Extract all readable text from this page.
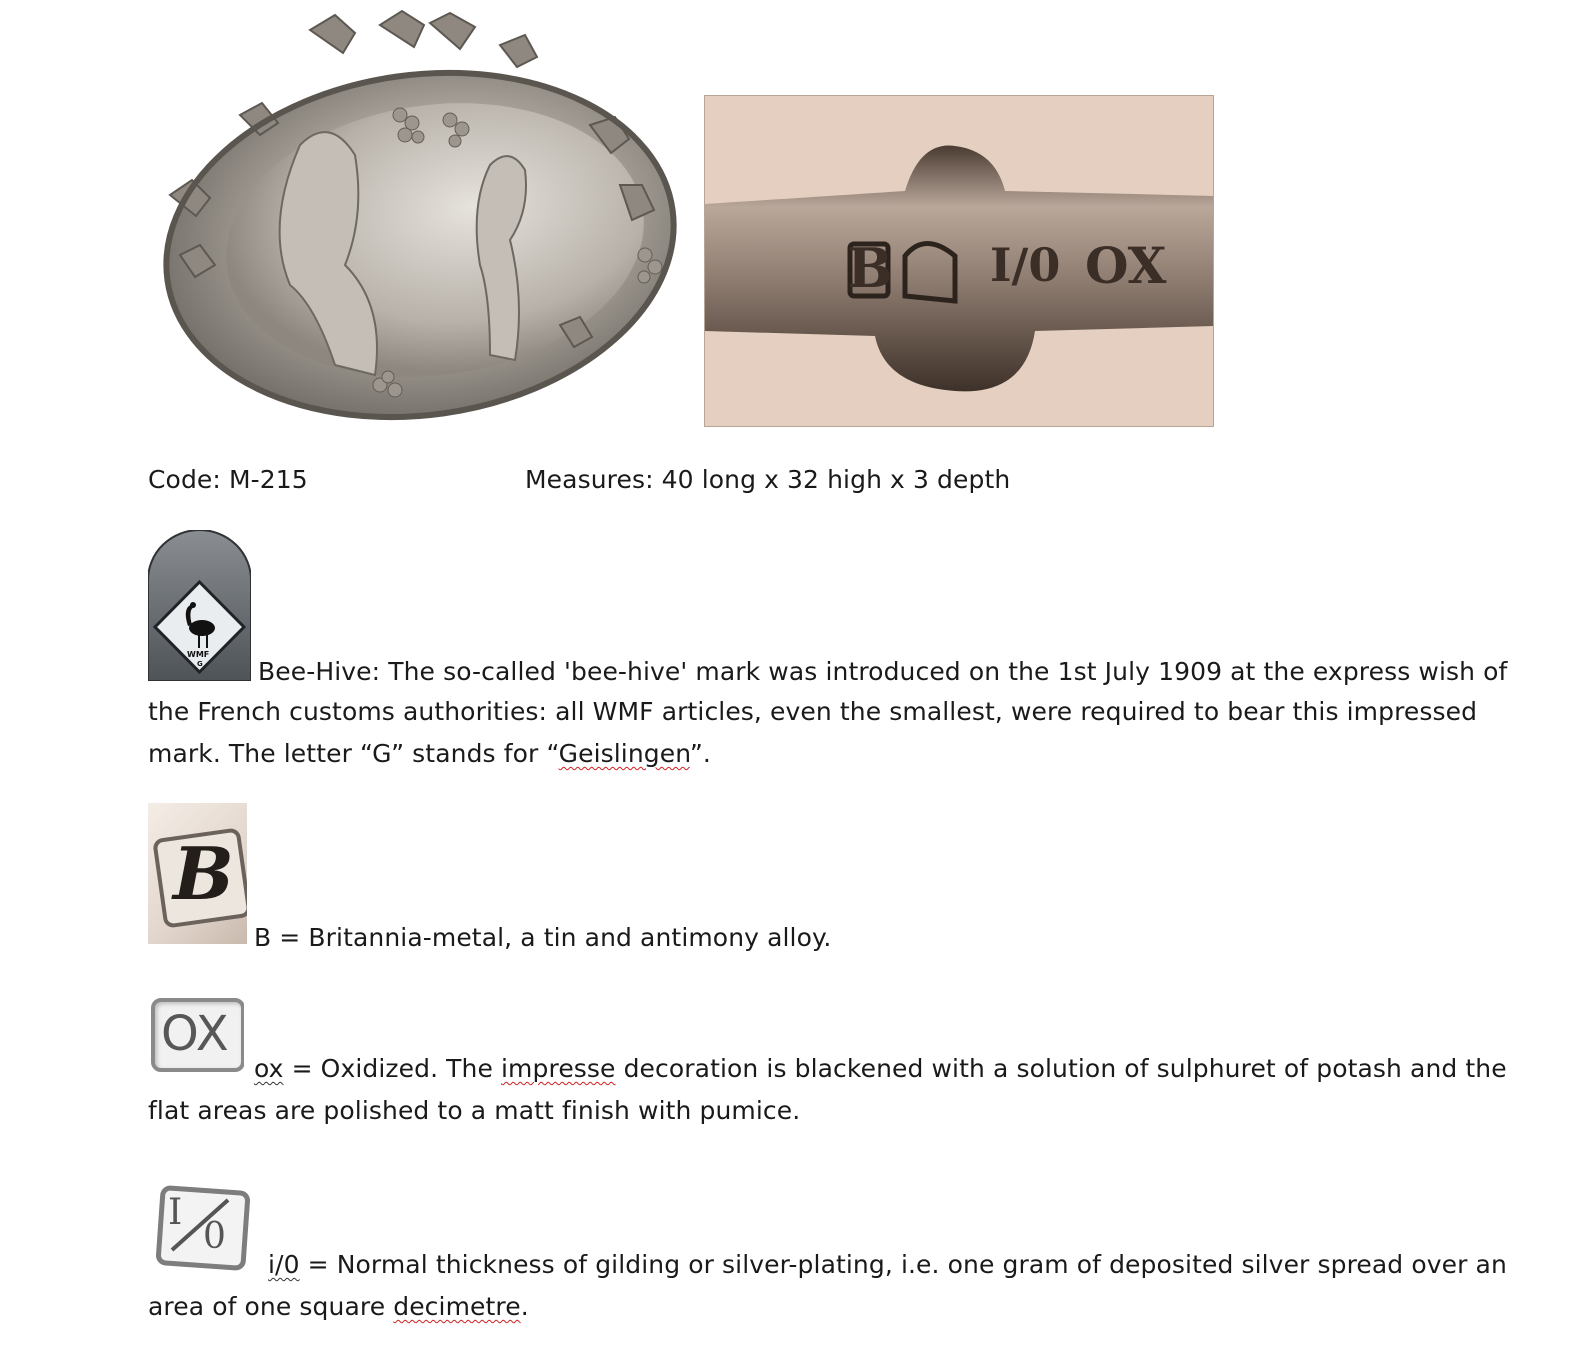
B I/0 OX
Code: M-215	Measures: 40 long x 32 high x 3 depth
WMF
G Bee-Hive: The so-called 'bee-hive' mark was introduced on the 1st July 1909 at the express wish of
the French customs authorities: all WMF articles, even the smallest, were required to bear this impressed
mark. The letter “G” stands for “Geislingen”.
B
B = Britannia-metal, a tin and antimony alloy.
OX
ox = Oxidized. The impresse decoration is blackened with a solution of sulphuret of potash and the
flat areas are polished to a matt finish with pumice.
I
0
i/0 = Normal thickness of gilding or silver-plating, i.e. one gram of deposited silver spread over an
area of one square decimetre.
